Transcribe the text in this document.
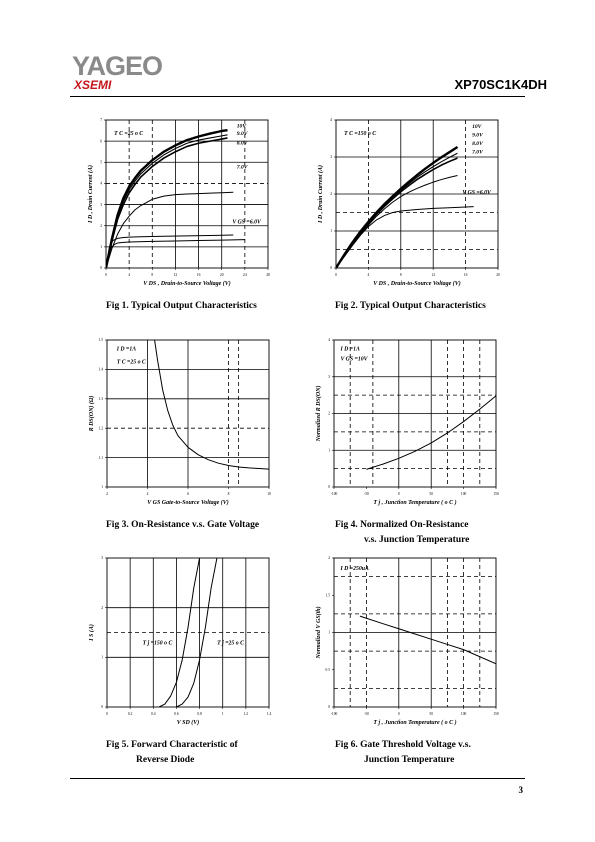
YAGEO
XSEMI	XP70SC1K4DH
0	4	8	12	16	20	24	28
0
1
2
3
4
5
6
7
V DS , Drain-to-Source Voltage (V)
I D , Drain Current (A)
10V
9.0V
8.0V
7.0V
T C =25 o C
V GS =6.0V
Fig 1. Typical Output Characteristics
0	4	8	12	16	20
0
1
2
3
4
V DS , Drain-to-Source Voltage (V)
I D , Drain Current (A)
10V
9.0V
8.0V
7.0V
T C =150 o C
V GS =6.0V
Fig 2. Typical Output Characteristics
2	4	6	8	10
1
1.1
1.2
1.3
1.4
1.5
V GS Gate-to-Source Voltage (V)
R DS(ON) (Ω)
I D =1A
T C =25 o C
Fig 3. On-Resistance v.s. Gate Voltage
-100	-50	0	50	100	150
0
1
2
3
4
T j , Junction Temperature ( o C )
Normalized R DS(ON)
I D =1A
V GS =10V
Fig 4. Normalized On-Resistance
v.s. Junction Temperature
0	0.2	0.4	0.6	0.8	1	1.2	1.4
0
1
2
3
V SD (V)
I S (A)
T j =150 o C	T j =25 o C
Fig 5. Forward Characteristic of
Reverse Diode
-100	-50	0	50	100	150
0
0.5
1
1.5
2
T j , Junction Temperature ( o C )
Normalized V GS(th)
I D =250uA
Fig 6. Gate Threshold Voltage v.s.
Junction Temperature
3
